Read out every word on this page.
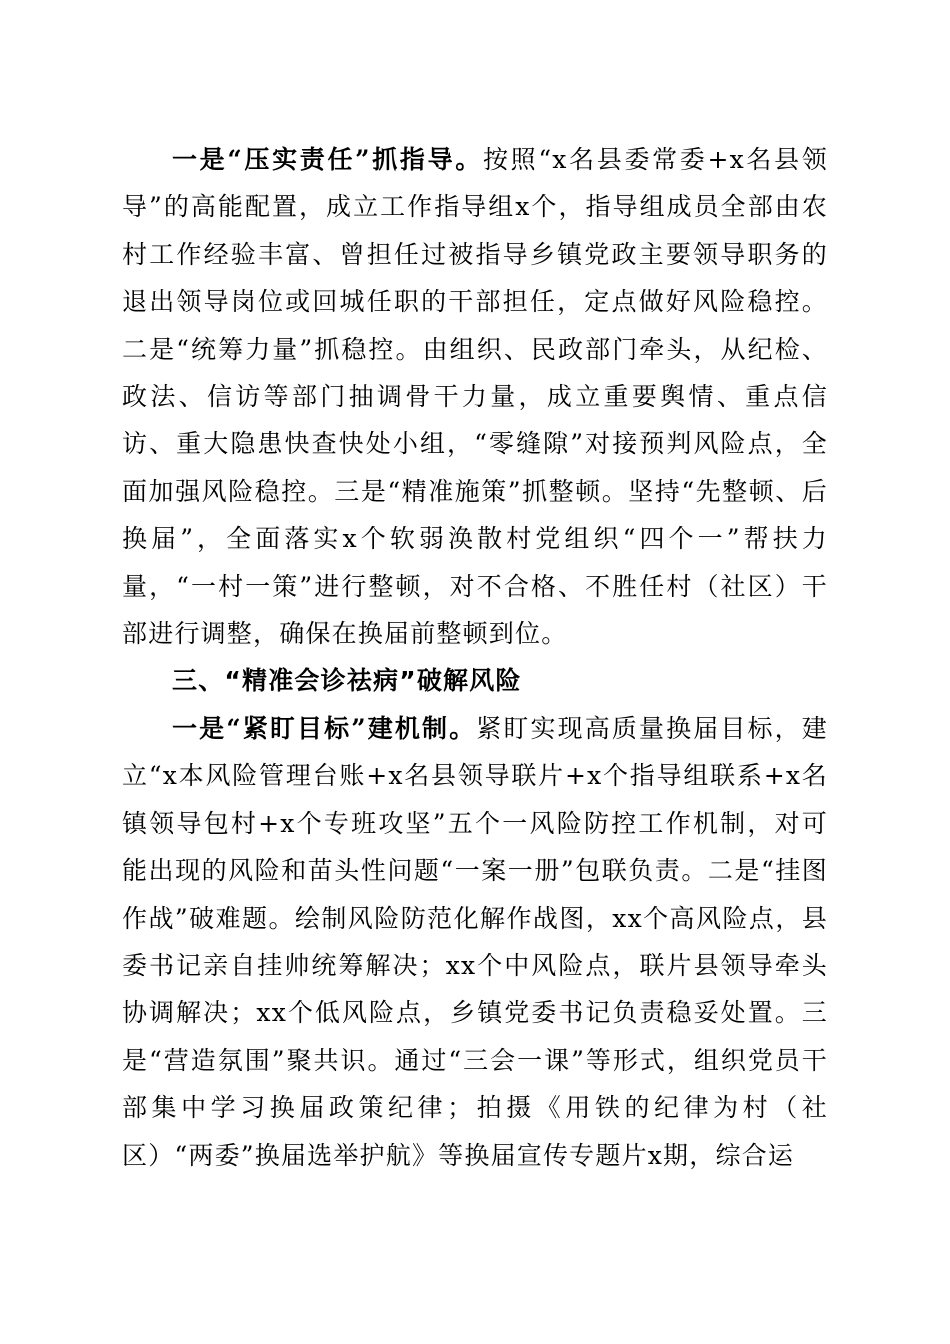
一是“压实责任”抓指导。按照“x名县委常委+x名县领导”的高能配置，成立工作指导组x个，指导组成员全部由农村工作经验丰富、曾担任过被指导乡镇党政主要领导职务的退出领导岗位或回城任职的干部担任，定点做好风险稳控。二是“统筹力量”抓稳控。由组织、民政部门牵头，从纪检、政法、信访等部门抽调骨干力量，成立重要舆情、重点信访、重大隐患快查快处小组，“零缝隙”对接预判风险点，全面加强风险稳控。三是“精准施策”抓整顿。坚持“先整顿、后换届”，全面落实x个软弱涣散村党组织“四个一”帮扶力量，“一村一策”进行整顿，对不合格、不胜任村（社区）干部进行调整，确保在换届前整顿到位。

三、“精准会诊祛病”破解风险

一是“紧盯目标”建机制。紧盯实现高质量换届目标，建立“x本风险管理台账+x名县领导联片+x个指导组联系+x名镇领导包村+x个专班攻坚”五个一风险防控工作机制，对可能出现的风险和苗头性问题“一案一册”包联负责。二是“挂图作战”破难题。绘制风险防范化解作战图，xx个高风险点，县委书记亲自挂帅统筹解决；xx个中风险点，联片县领导牵头协调解决；xx个低风险点，乡镇党委书记负责稳妥处置。三是“营造氛围”聚共识。通过“三会一课”等形式，组织党员干部集中学习换届政策纪律；拍摄《用铁的纪律为村（社区）“两委”换届选举护航》等换届宣传专题片x期，综合运
